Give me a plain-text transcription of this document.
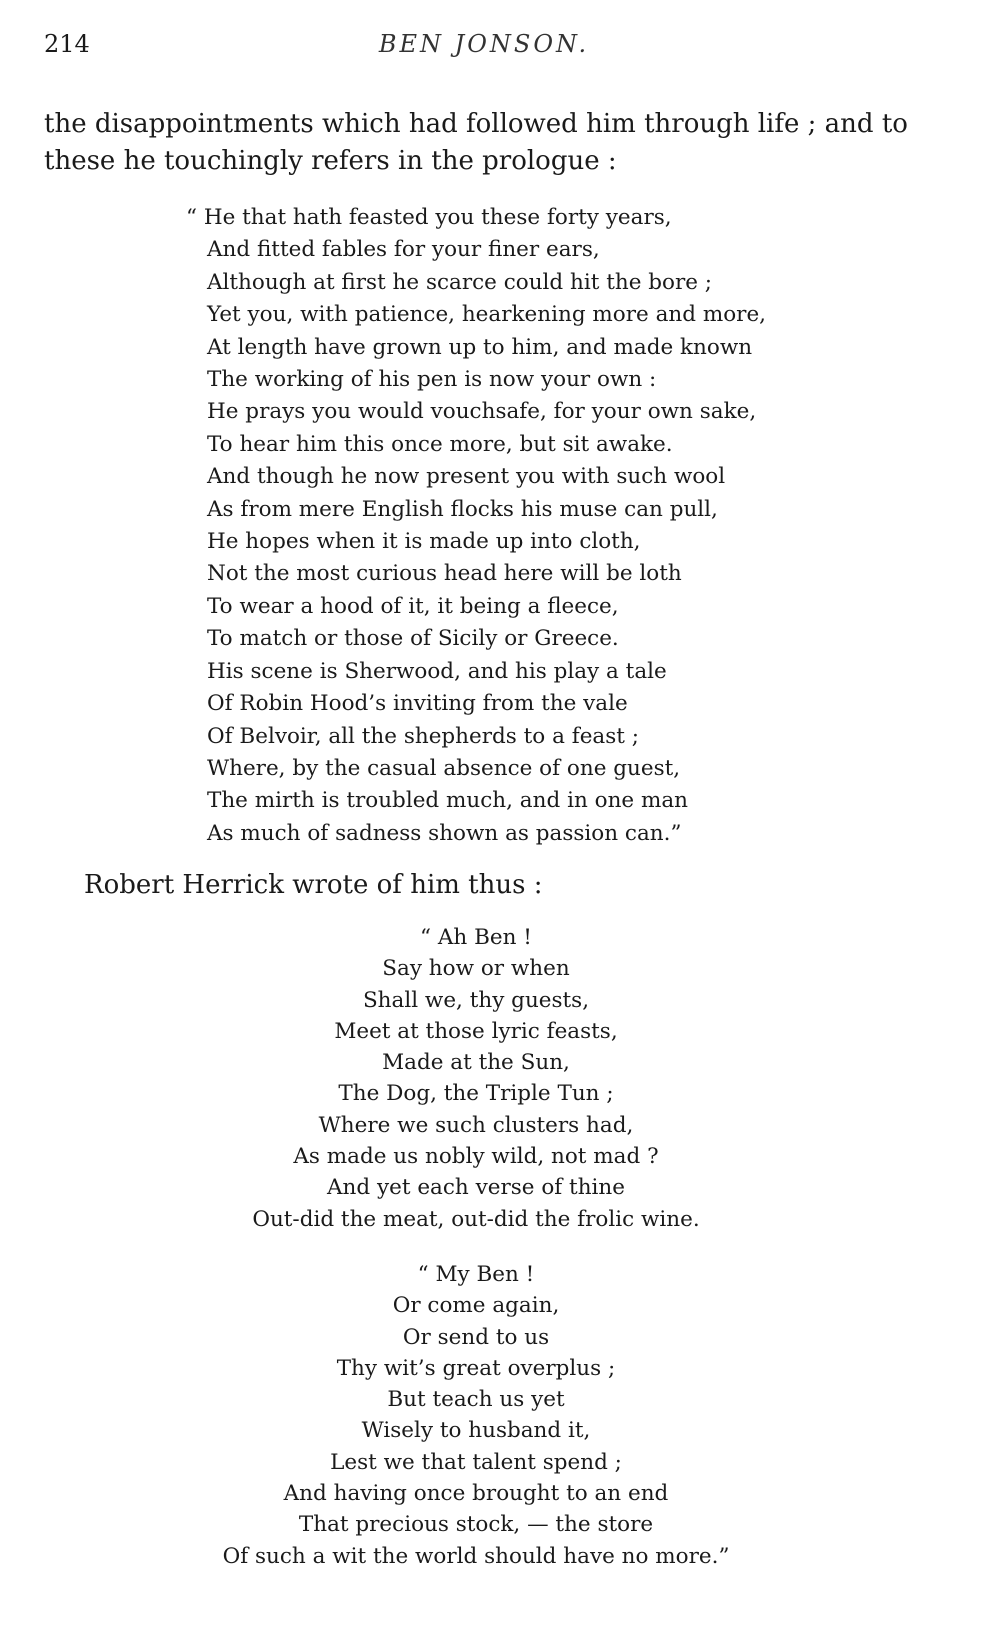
214	BEN JONSON.

the disappointments which had followed him through life ; and to these he touchingly refers in the prologue :

“ He that hath feasted you these forty years,
And fitted fables for your finer ears,
Although at first he scarce could hit the bore ;
Yet you, with patience, hearkening more and more,
At length have grown up to him, and made known
The working of his pen is now your own :
He prays you would vouchsafe, for your own sake,
To hear him this once more, but sit awake.
And though he now present you with such wool
As from mere English flocks his muse can pull,
He hopes when it is made up into cloth,
Not the most curious head here will be loth
To wear a hood of it, it being a fleece,
To match or those of Sicily or Greece.
His scene is Sherwood, and his play a tale
Of Robin Hood’s inviting from the vale
Of Belvoir, all the shepherds to a feast ;
Where, by the casual absence of one guest,
The mirth is troubled much, and in one man
As much of sadness shown as passion can.”

Robert Herrick wrote of him thus :

“ Ah Ben !
Say how or when
Shall we, thy guests,
Meet at those lyric feasts,
Made at the Sun,
The Dog, the Triple Tun ;
Where we such clusters had,
As made us nobly wild, not mad ?
And yet each verse of thine
Out-did the meat, out-did the frolic wine.
“ My Ben !
Or come again,
Or send to us
Thy wit’s great overplus ;
But teach us yet
Wisely to husband it,
Lest we that talent spend ;
And having once brought to an end
That precious stock, — the store
Of such a wit the world should have no more.”
